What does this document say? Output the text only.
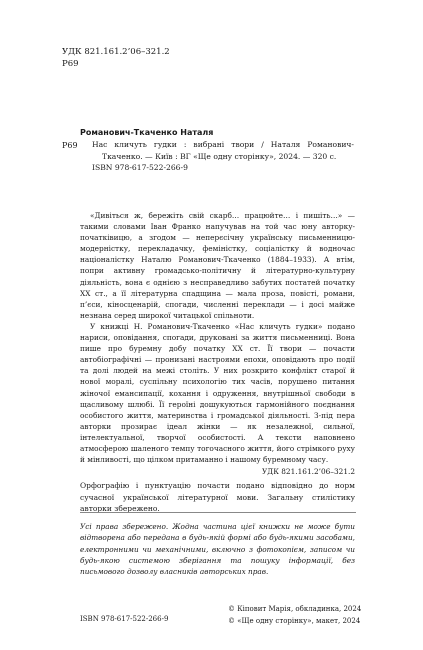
УДК 821.161.2’06–321.2
Р69
Романович-Ткаченко Наталя
Р69 Нас кличуть гудки : вибрані твори / Наталя Романович-Ткаченко. — Київ : ВГ «Ще одну сторінку», 2024. — 320 с.

ISBN 978-617-522-266-9

«Дивіться ж, бережіть свій скарб… працюйте… і пишіть…» — такими словами Іван Франко напучував на той час юну авторку-початківицю, а згодом — неперєсічну українську письменницю-модерністку, перекладачку, феміністку, соціалістку й водночас націоналістку Наталю Романович-Ткаченко (1884–1933). А втім, попри активну громадсько-політичну й літературно-культурну діяльність, вона є однією з несправедливо забутих постатей початку XX ст., а її літературна спадщина — мала проза, повісті, романи, п’єси, кіносценарій, спогади, численні переклади — і досі майже незнана серед широкої читацької спільноти.

У книжці Н. Романович-Ткаченко «Нас кличуть гудки» подано нариси, оповідання, спогади, друковані за життя письменниці. Вона пише про буремну добу початку XX ст. Її твори — почасти автобіографічні — пронизані настроями епохи, оповідають про події та долі людей на межі століть. У них розкрито конфлікт старої й нової моралі, суспільну психологію тих часів, порушено питання жіночої емансипації, кохання і одруження, внутрішньої свободи в щасливому шлюбі. Її героїні дошукуються гармонійного поєднання особистого життя, материнства і громадської діяльності. З-під пера авторки прозирає ідеал жінки — як незалежної, сильної, інтелектуальної, творчої особистості. А тексти наповнено атмосферою шаленого темпу тогочасного життя, його стрімкого руху й мінливості, що цілком притаманно і нашому буремному часу.

УДК 821.161.2’06–321.2
Орфографію і пунктуацію почасти подано відповідно до норм сучасної української літературної мови. Загальну стилістику авторки збережено.
Усі права збережено. Жодна частина цієї книжки не може бути відтворена або передана в будь-якій формі або будь-якими засобами, електронними чи механічними, включно з фотокопієм, записом чи будь-якою системою зберігання та пошуку інформації, без письмового дозволу власників авторських прав.
© Кіповит Марія, обкладинка, 2024
© «Ще одну сторінку», макет, 2024
ISBN 978-617-522-266-9
